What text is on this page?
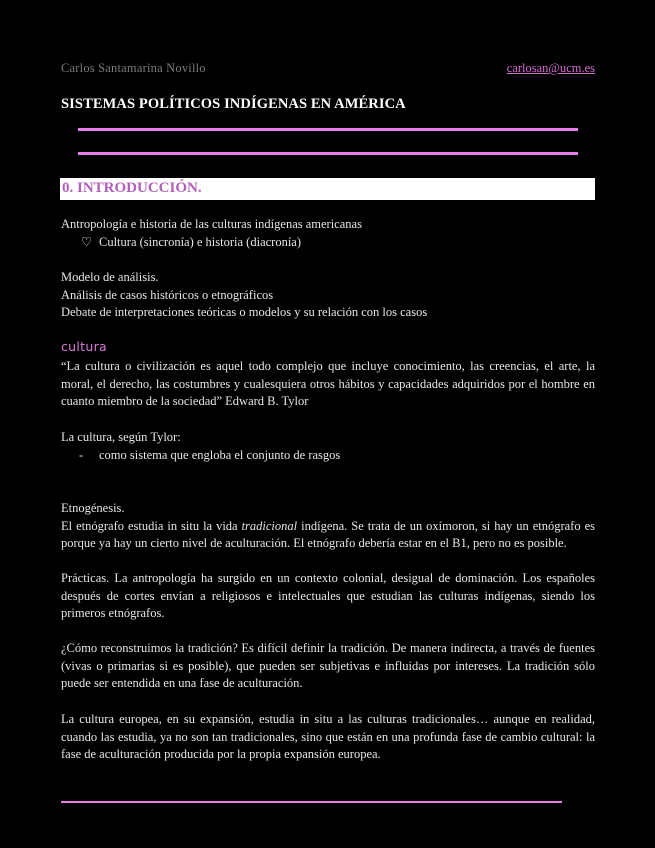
Carlos Santamarina Novillo	carlosan@ucm.es
SISTEMAS POLÍTICOS INDÍGENAS EN AMÉRICA
0. INTRODUCCIÓN.

Antropología e historia de las culturas indígenas americanas

♡ Cultura (sincronía) e historia (diacronía)

Modelo de análisis.

Análisis de casos históricos o etnográficos

Debate de interpretaciones teóricas o modelos y su relación con los casos

cultura

“La cultura o civilización es aquel todo complejo que incluye conocimiento, las creencias, el arte, la moral, el derecho, las costumbres y cualesquiera otros hábitos y capacidades adquiridos por el hombre en cuanto miembro de la sociedad” Edward B. Tylor

La cultura, según Tylor:

- como sistema que engloba el conjunto de rasgos

Etnogénesis.

El etnógrafo estudia in situ la vida tradicional indígena. Se trata de un oxímoron, si hay un etnógrafo es porque ya hay un cierto nivel de aculturación. El etnógrafo debería estar en el B1, pero no es posible.

Prácticas. La antropología ha surgido en un contexto colonial, desigual de dominación. Los españoles después de cortes envían a religiosos e intelectuales que estudian las culturas indígenas, siendo los primeros etnógrafos.

¿Cómo reconstruimos la tradición? Es difícil definir la tradición. De manera indirecta, a través de fuentes (vivas o primarias si es posible), que pueden ser subjetivas e influidas por intereses. La tradición sólo puede ser entendida en una fase de aculturación.

La cultura europea, en su expansión, estudia in situ a las culturas tradicionales… aunque en realidad, cuando las estudia, ya no son tan tradicionales, sino que están en una profunda fase de cambio cultural: la fase de aculturación producida por la propia expansión europea.
